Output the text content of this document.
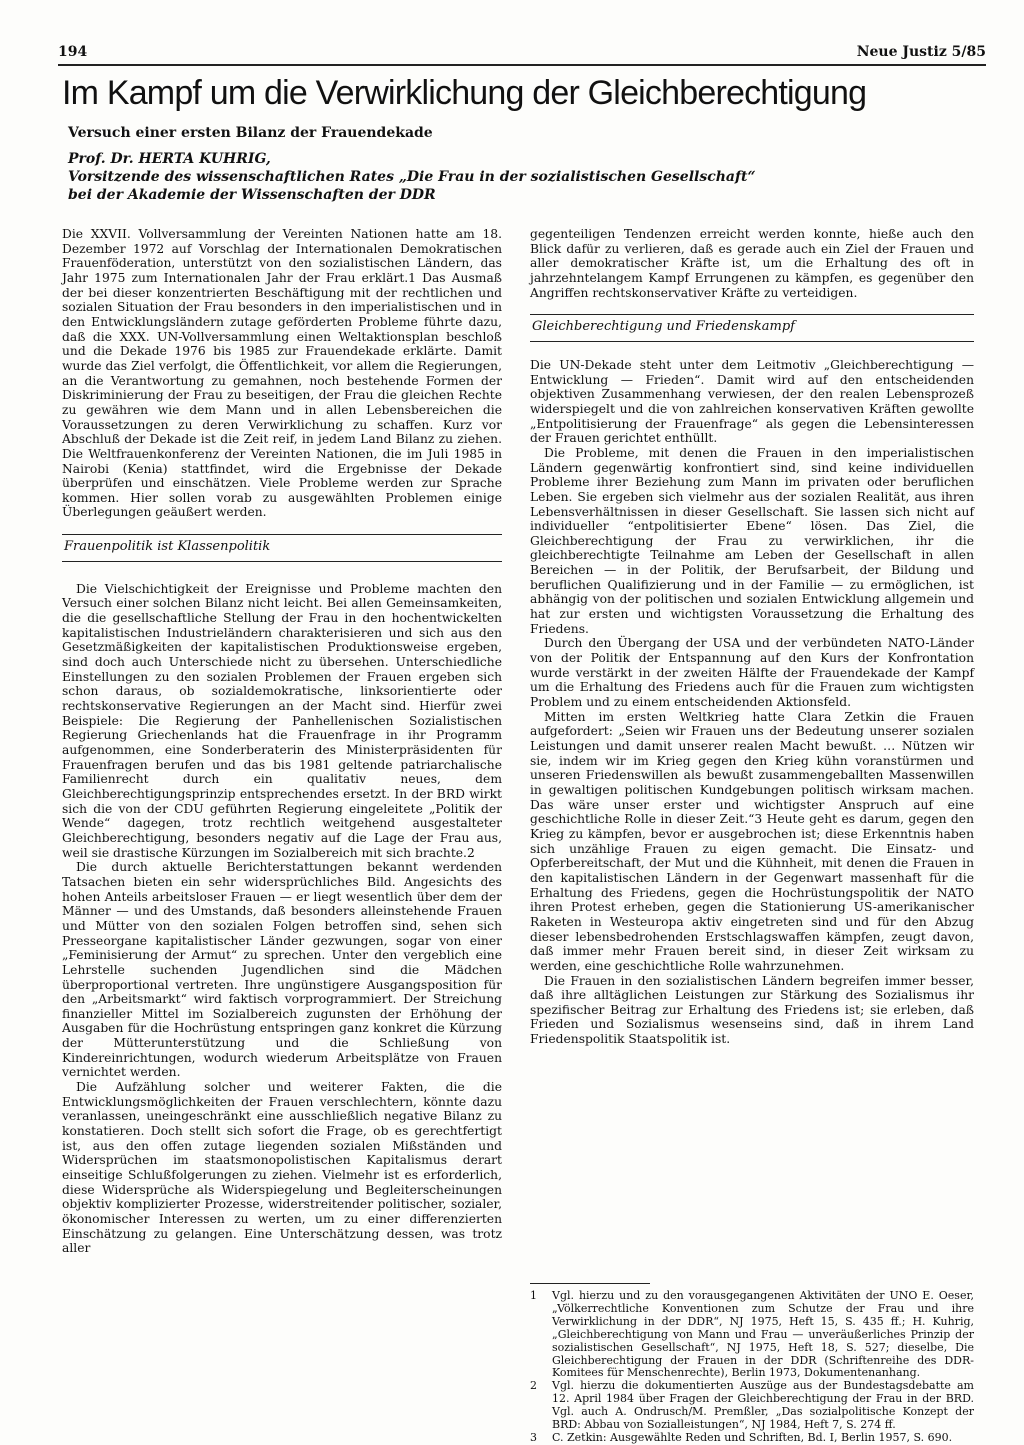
194	Neue Justiz 5/85
Im Kampf um die Verwirklichung der Gleichberechtigung
Versuch einer ersten Bilanz der Frauendekade
Prof. Dr. HERTA KUHRIG,
Vorsitzende des wissenschaftlichen Rates „Die Frau in der sozialistischen Gesellschaft“
bei der Akademie der Wissenschaften der DDR

Die XXVII. Vollversammlung der Vereinten Nationen hatte am 18. Dezember 1972 auf Vorschlag der Internationalen Demokratischen Frauenföderation, unterstützt von den sozialistischen Ländern, das Jahr 1975 zum Internationalen Jahr der Frau erklärt.1 Das Ausmaß der bei dieser konzentrierten Beschäftigung mit der rechtlichen und sozialen Situation der Frau besonders in den imperialistischen und in den Entwicklungsländern zutage geförderten Probleme führte dazu, daß die XXX. UN-Vollversammlung einen Weltaktionsplan beschloß und die Dekade 1976 bis 1985 zur Frauendekade erklärte. Damit wurde das Ziel verfolgt, die Öffentlichkeit, vor allem die Regierungen, an die Verantwortung zu gemahnen, noch bestehende Formen der Diskriminierung der Frau zu beseitigen, der Frau die gleichen Rechte zu gewähren wie dem Mann und in allen Lebensbereichen die Voraussetzungen zu deren Verwirklichung zu schaffen. Kurz vor Abschluß der Dekade ist die Zeit reif, in jedem Land Bilanz zu ziehen. Die Weltfrauenkonferenz der Vereinten Nationen, die im Juli 1985 in Nairobi (Kenia) stattfindet, wird die Ergebnisse der Dekade überprüfen und einschätzen. Viele Probleme werden zur Sprache kommen. Hier sollen vorab zu ausgewählten Problemen einige Überlegungen geäußert werden.

Frauenpolitik ist Klassenpolitik

Die Vielschichtigkeit der Ereignisse und Probleme machten den Versuch einer solchen Bilanz nicht leicht. Bei allen Gemeinsamkeiten, die die gesellschaftliche Stellung der Frau in den hochentwickelten kapitalistischen Industrieländern charakterisieren und sich aus den Gesetzmäßigkeiten der kapitalistischen Produktionsweise ergeben, sind doch auch Unterschiede nicht zu übersehen. Unterschiedliche Einstellungen zu den sozialen Problemen der Frauen ergeben sich schon daraus, ob sozialdemokratische, linksorientierte oder rechtskonservative Regierungen an der Macht sind. Hierfür zwei Beispiele: Die Regierung der Panhellenischen Sozialistischen Regierung Griechenlands hat die Frauenfrage in ihr Programm aufgenommen, eine Sonderberaterin des Ministerpräsidenten für Frauenfragen berufen und das bis 1981 geltende patriarchalische Familienrecht durch ein qualitativ neues, dem Gleichberechtigungsprinzip entsprechendes ersetzt. In der BRD wirkt sich die von der CDU geführten Regierung eingeleitete „Politik der Wende“ dagegen, trotz rechtlich weitgehend ausgestalteter Gleichberechtigung, besonders negativ auf die Lage der Frau aus, weil sie drastische Kürzungen im Sozialbereich mit sich brachte.2

Die durch aktuelle Berichterstattungen bekannt werdenden Tatsachen bieten ein sehr widersprüchliches Bild. Angesichts des hohen Anteils arbeitsloser Frauen — er liegt wesentlich über dem der Männer — und des Umstands, daß besonders alleinstehende Frauen und Mütter von den sozialen Folgen betroffen sind, sehen sich Presseorgane kapitalistischer Länder gezwungen, sogar von einer „Feminisierung der Armut“ zu sprechen. Unter den vergeblich eine Lehrstelle suchenden Jugendlichen sind die Mädchen überproportional vertreten. Ihre ungünstigere Ausgangsposition für den „Arbeitsmarkt“ wird faktisch vorprogrammiert. Der Streichung finanzieller Mittel im Sozialbereich zugunsten der Erhöhung der Ausgaben für die Hochrüstung entspringen ganz konkret die Kürzung der Mütterunterstützung und die Schließung von Kindereinrichtungen, wodurch wiederum Arbeitsplätze von Frauen vernichtet werden.

Die Aufzählung solcher und weiterer Fakten, die die Entwicklungsmöglichkeiten der Frauen verschlechtern, könnte dazu veranlassen, uneingeschränkt eine ausschließlich negative Bilanz zu konstatieren. Doch stellt sich sofort die Frage, ob es gerechtfertigt ist, aus den offen zutage liegenden sozialen Mißständen und Widersprüchen im staatsmonopolistischen Kapitalismus derart einseitige Schlußfolgerungen zu ziehen. Vielmehr ist es erforderlich, diese Widersprüche als Widerspiegelung und Begleiterscheinungen objektiv komplizierter Prozesse, widerstreitender politischer, sozialer, ökonomischer Interessen zu werten, um zu einer differenzierten Einschätzung zu gelangen. Eine Unterschätzung dessen, was trotz aller

gegenteiligen Tendenzen erreicht werden konnte, hieße auch den Blick dafür zu verlieren, daß es gerade auch ein Ziel der Frauen und aller demokratischer Kräfte ist, um die Erhaltung des oft in jahrzehntelangem Kampf Errungenen zu kämpfen, es gegenüber den Angriffen rechtskonservativer Kräfte zu verteidigen.

Gleichberechtigung und Friedenskampf

Die UN-Dekade steht unter dem Leitmotiv „Gleichberechtigung — Entwicklung — Frieden“. Damit wird auf den entscheidenden objektiven Zusammenhang verwiesen, der den realen Lebensprozeß widerspiegelt und die von zahlreichen konservativen Kräften gewollte „Entpolitisierung der Frauenfrage“ als gegen die Lebensinteressen der Frauen gerichtet enthüllt.

Die Probleme, mit denen die Frauen in den imperialistischen Ländern gegenwärtig konfrontiert sind, sind keine individuellen Probleme ihrer Beziehung zum Mann im privaten oder beruflichen Leben. Sie ergeben sich vielmehr aus der sozialen Realität, aus ihren Lebensverhältnissen in dieser Gesellschaft. Sie lassen sich nicht auf individueller “entpolitisierter Ebene“ lösen. Das Ziel, die Gleichberechtigung der Frau zu verwirklichen, ihr die gleichberechtigte Teilnahme am Leben der Gesellschaft in allen Bereichen — in der Politik, der Berufsarbeit, der Bildung und beruflichen Qualifizierung und in der Familie — zu ermöglichen, ist abhängig von der politischen und sozialen Entwicklung allgemein und hat zur ersten und wichtigsten Voraussetzung die Erhaltung des Friedens.

Durch den Übergang der USA und der verbündeten NATO-Länder von der Politik der Entspannung auf den Kurs der Konfrontation wurde verstärkt in der zweiten Hälfte der Frauendekade der Kampf um die Erhaltung des Friedens auch für die Frauen zum wichtigsten Problem und zu einem entscheidenden Aktionsfeld.

Mitten im ersten Weltkrieg hatte Clara Zetkin die Frauen aufgefordert: „Seien wir Frauen uns der Bedeutung unserer sozialen Leistungen und damit unserer realen Macht bewußt. … Nützen wir sie, indem wir im Krieg gegen den Krieg kühn voranstürmen und unseren Friedenswillen als bewußt zusammengeballten Massenwillen in gewaltigen politischen Kundgebungen politisch wirksam machen. Das wäre unser erster und wichtigster Anspruch auf eine geschichtliche Rolle in dieser Zeit.“3 Heute geht es darum, gegen den Krieg zu kämpfen, bevor er ausgebrochen ist; diese Erkenntnis haben sich unzählige Frauen zu eigen gemacht. Die Einsatz- und Opferbereitschaft, der Mut und die Kühnheit, mit denen die Frauen in den kapitalistischen Ländern in der Gegenwart massenhaft für die Erhaltung des Friedens, gegen die Hochrüstungspolitik der NATO ihren Protest erheben, gegen die Stationierung US-amerikanischer Raketen in Westeuropa aktiv eingetreten sind und für den Abzug dieser lebensbedrohenden Erstschlagswaffen kämpfen, zeugt davon, daß immer mehr Frauen bereit sind, in dieser Zeit wirksam zu werden, eine geschichtliche Rolle wahrzunehmen.

Die Frauen in den sozialistischen Ländern begreifen immer besser, daß ihre alltäglichen Leistungen zur Stärkung des Sozialismus ihr spezifischer Beitrag zur Erhaltung des Friedens ist; sie erleben, daß Frieden und Sozialismus wesenseins sind, daß in ihrem Land Friedenspolitik Staatspolitik ist.

1	Vgl. hierzu und zu den vorausgegangenen Aktivitäten der UNO E. Oeser, „Völkerrechtliche Konventionen zum Schutze der Frau und ihre Verwirklichung in der DDR“, NJ 1975, Heft 15, S. 435 ff.; H. Kuhrig, „Gleichberechtigung von Mann und Frau — unveräußerliches Prinzip der sozialistischen Gesellschaft“, NJ 1975, Heft 18, S. 527; dieselbe, Die Gleichberechtigung der Frauen in der DDR (Schriftenreihe des DDR-Komitees für Menschenrechte), Berlin 1973, Dokumentenanhang.
2	Vgl. hierzu die dokumentierten Auszüge aus der Bundestagsdebatte am 12. April 1984 über Fragen der Gleichberechtigung der Frau in der BRD. Vgl. auch A. Ondrusch/M. Premßler, „Das sozialpolitische Konzept der BRD: Abbau von Sozialleistungen“, NJ 1984, Heft 7, S. 274 ff.
3	C. Zetkin: Ausgewählte Reden und Schriften, Bd. I, Berlin 1957, S. 690.
